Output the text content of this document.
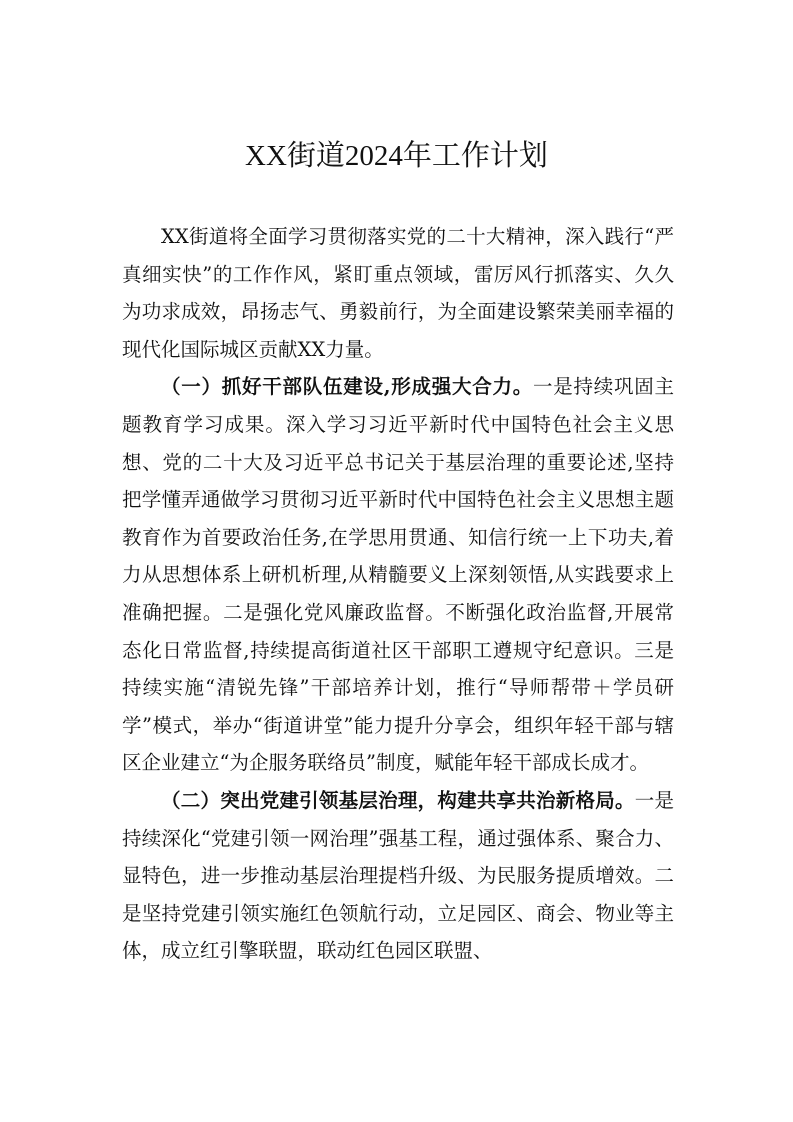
XX街道2024年工作计划

XX街道将全面学习贯彻落实党的二十大精神，深入践行“严真细实快”的工作作风，紧盯重点领域，雷厉风行抓落实、久久为功求成效，昂扬志气、勇毅前行，为全面建设繁荣美丽幸福的现代化国际城区贡献XX力量。

（一）抓好干部队伍建设,形成强大合力。一是持续巩固主题教育学习成果。深入学习习近平新时代中国特色社会主义思想、党的二十大及习近平总书记关于基层治理的重要论述,坚持把学懂弄通做学习贯彻习近平新时代中国特色社会主义思想主题教育作为首要政治任务,在学思用贯通、知信行统一上下功夫,着力从思想体系上研机析理,从精髓要义上深刻领悟,从实践要求上准确把握。二是强化党风廉政监督。不断强化政治监督,开展常态化日常监督,持续提高街道社区干部职工遵规守纪意识。三是持续实施“清锐先锋”干部培养计划，推行“导师帮带＋学员研学”模式，举办“街道讲堂”能力提升分享会，组织年轻干部与辖区企业建立“为企服务联络员”制度，赋能年轻干部成长成才。

（二）突出党建引领基层治理，构建共享共治新格局。一是持续深化“党建引领一网治理”强基工程，通过强体系、聚合力、显特色，进一步推动基层治理提档升级、为民服务提质增效。二是坚持党建引领实施红色领航行动，立足园区、商会、物业等主体，成立红引擎联盟，联动红色园区联盟、
